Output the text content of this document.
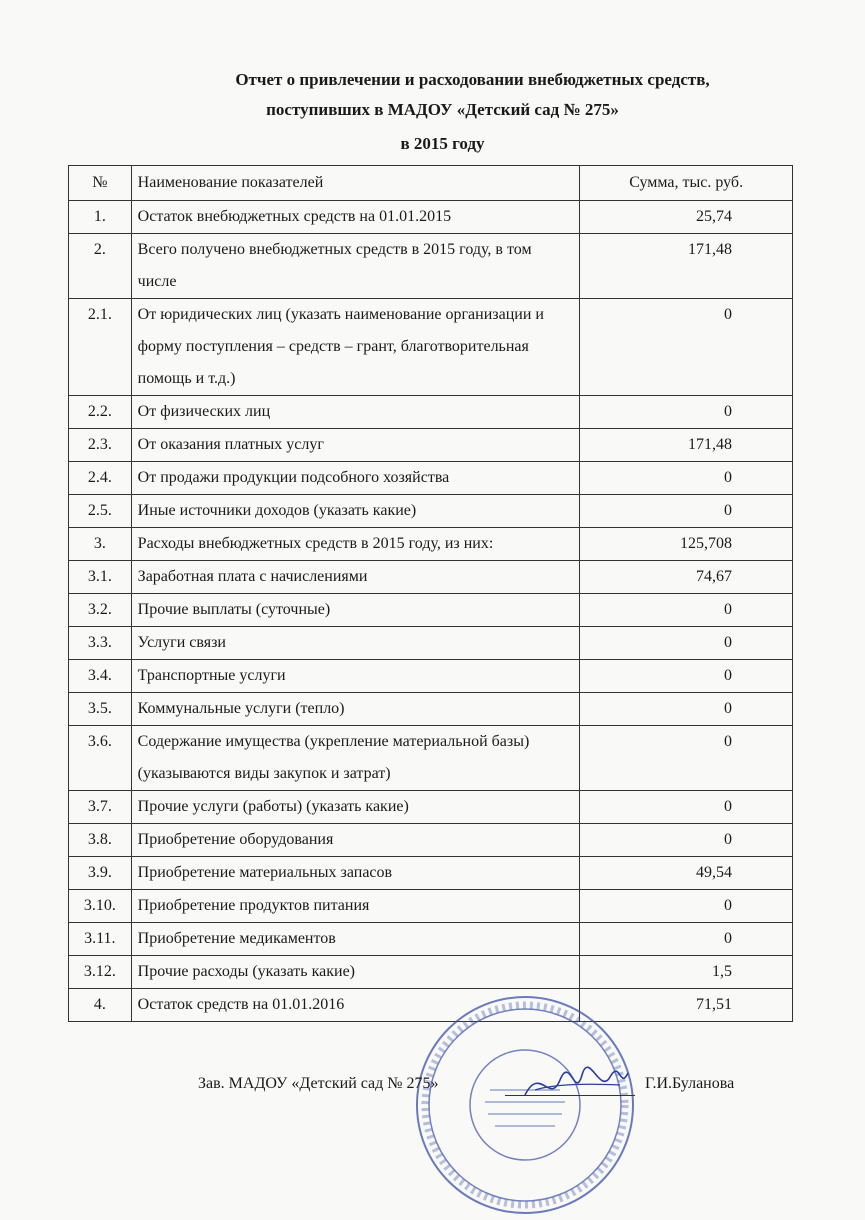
Отчет о привлечении и расходовании внебюджетных средств,
поступивших в МАДОУ «Детский сад № 275»
в 2015 году
№	Наименование показателей	Сумма, тыс. руб.
1.	Остаток внебюджетных средств на 01.01.2015	25,74
2.	Всего получено внебюджетных средств в 2015 году, в том числе	171,48
2.1.	От юридических лиц (указать наименование организации и форму поступления – средств – грант, благотворительная помощь и т.д.)	0
2.2.	От физических лиц	0
2.3.	От оказания платных услуг	171,48
2.4.	От продажи продукции подсобного хозяйства	0
2.5.	Иные источники доходов (указать какие)	0
3.	Расходы внебюджетных средств в 2015 году, из них:	125,708
3.1.	Заработная плата с начислениями	74,67
3.2.	Прочие выплаты (суточные)	0
3.3.	Услуги связи	0
3.4.	Транспортные услуги	0
3.5.	Коммунальные услуги (тепло)	0
3.6.	Содержание имущества (укрепление материальной базы) (указываются виды закупок и затрат)	0
3.7.	Прочие услуги (работы) (указать какие)	0
3.8.	Приобретение оборудования	0
3.9.	Приобретение материальных запасов	49,54
3.10.	Приобретение продуктов питания	0
3.11.	Приобретение медикаментов	0
3.12.	Прочие расходы (указать какие)	1,5
4.	Остаток средств на 01.01.2016	71,51
Зав. МАДОУ «Детский сад № 275»	Г.И.Буланова
